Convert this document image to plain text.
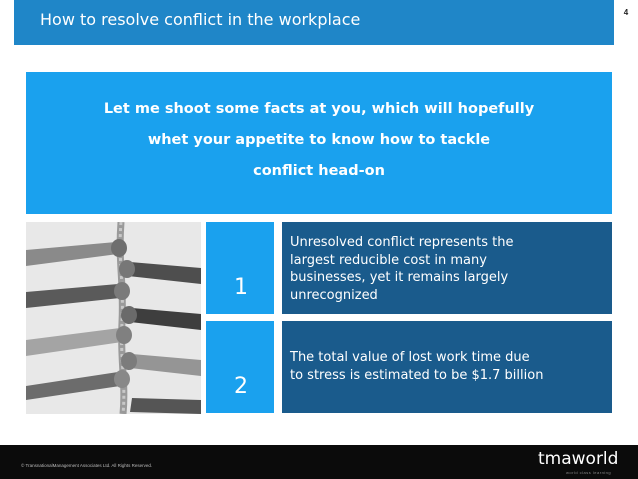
How to resolve conflict in the workplace	4
Let me shoot some facts at you, which will hopefully
whet your appetite to know how to tackle
conflict head-on
1
Unresolved conflict represents the
largest reducible cost in many
businesses, yet it remains largely
unrecognized
2
The total value of lost work time due
to stress is estimated to be $1.7 billion
© TransnationalManagement Associates Ltd. All Rights Reserved.	tmaworld
world class learning
